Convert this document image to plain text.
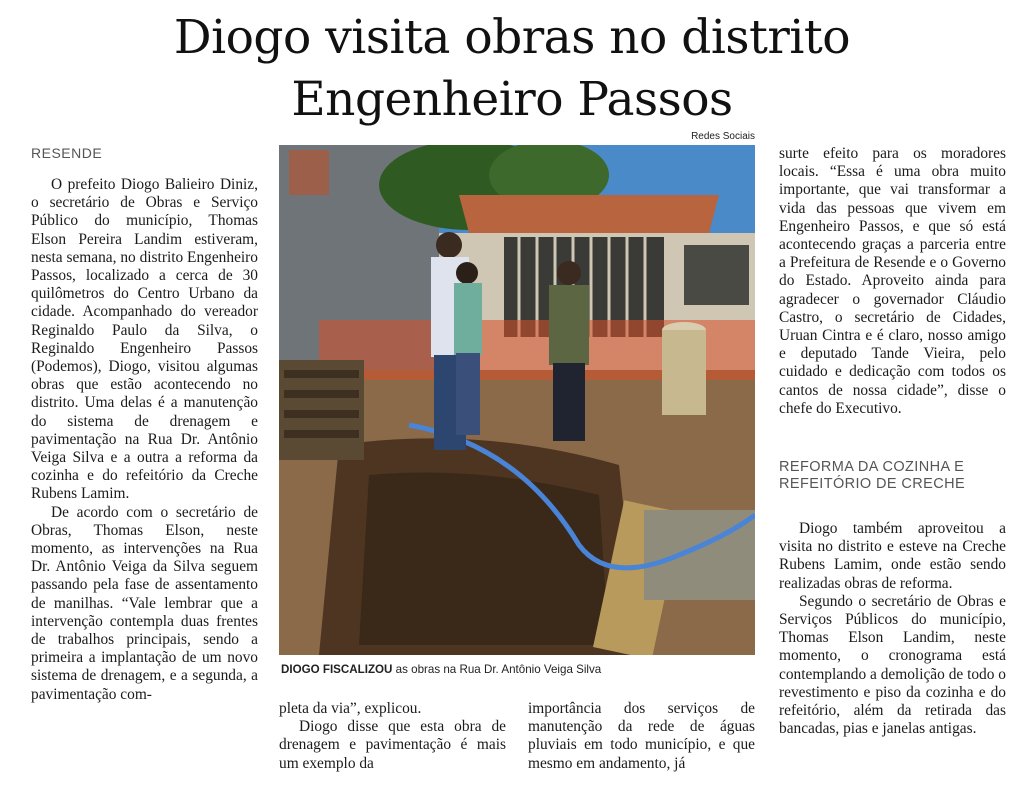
Diogo visita obras no distrito
Engenheiro Passos
RESENDE

O prefeito Diogo Balieiro Diniz, o secretário de Obras e Serviço Público do município, Thomas Elson Pereira Landim estiveram, nesta semana, no distrito Engenheiro Passos, localizado a cerca de 30 quilômetros do Centro Urbano da cidade. Acompanhado do vereador Reginaldo Paulo da Silva, o Reginaldo Engenheiro Passos (Podemos), Diogo, visitou algumas obras que estão acontecendo no distrito. Uma delas é a manutenção do sistema de drenagem e pavimentação na Rua Dr. Antônio Veiga Silva e a outra a reforma da cozinha e do refeitório da Creche Rubens Lamim.

De acordo com o secretário de Obras, Thomas Elson, neste momento, as intervenções na Rua Dr. Antônio Veiga da Silva seguem passando pela fase de assentamento de manilhas. “Vale lembrar que a intervenção contempla duas frentes de trabalhos principais, sendo a primeira a implantação de um novo sistema de drenagem, e a segunda, a pavimentação com-

Redes Sociais
DIOGO FISCALIZOU as obras na Rua Dr. Antônio Veiga Silva

pleta da via”, explicou.

Diogo disse que esta obra de drenagem e pavimentação é mais um exemplo da

importância dos serviços de manutenção da rede de águas pluviais em todo município, e que mesmo em andamento, já

surte efeito para os moradores locais. “Essa é uma obra muito importante, que vai transformar a vida das pessoas que vivem em Engenheiro Passos, e que só está acontecendo graças a parceria entre a Prefeitura de Resende e o Governo do Estado. Aproveito ainda para agradecer o governador Cláudio Castro, o secretário de Cidades, Uruan Cintra e é claro, nosso amigo e deputado Tande Vieira, pelo cuidado e dedicação com todos os cantos de nossa cidade”, disse o chefe do Executivo.

REFORMA DA COZINHA E REFEITÓRIO DE CRECHE

Diogo também aproveitou a visita no distrito e esteve na Creche Rubens Lamim, onde estão sendo realizadas obras de reforma.

Segundo o secretário de Obras e Serviços Públicos do município, Thomas Elson Landim, neste momento, o cronograma está contemplando a demolição de todo o revestimento e piso da cozinha e do refeitório, além da retirada das bancadas, pias e janelas antigas.
